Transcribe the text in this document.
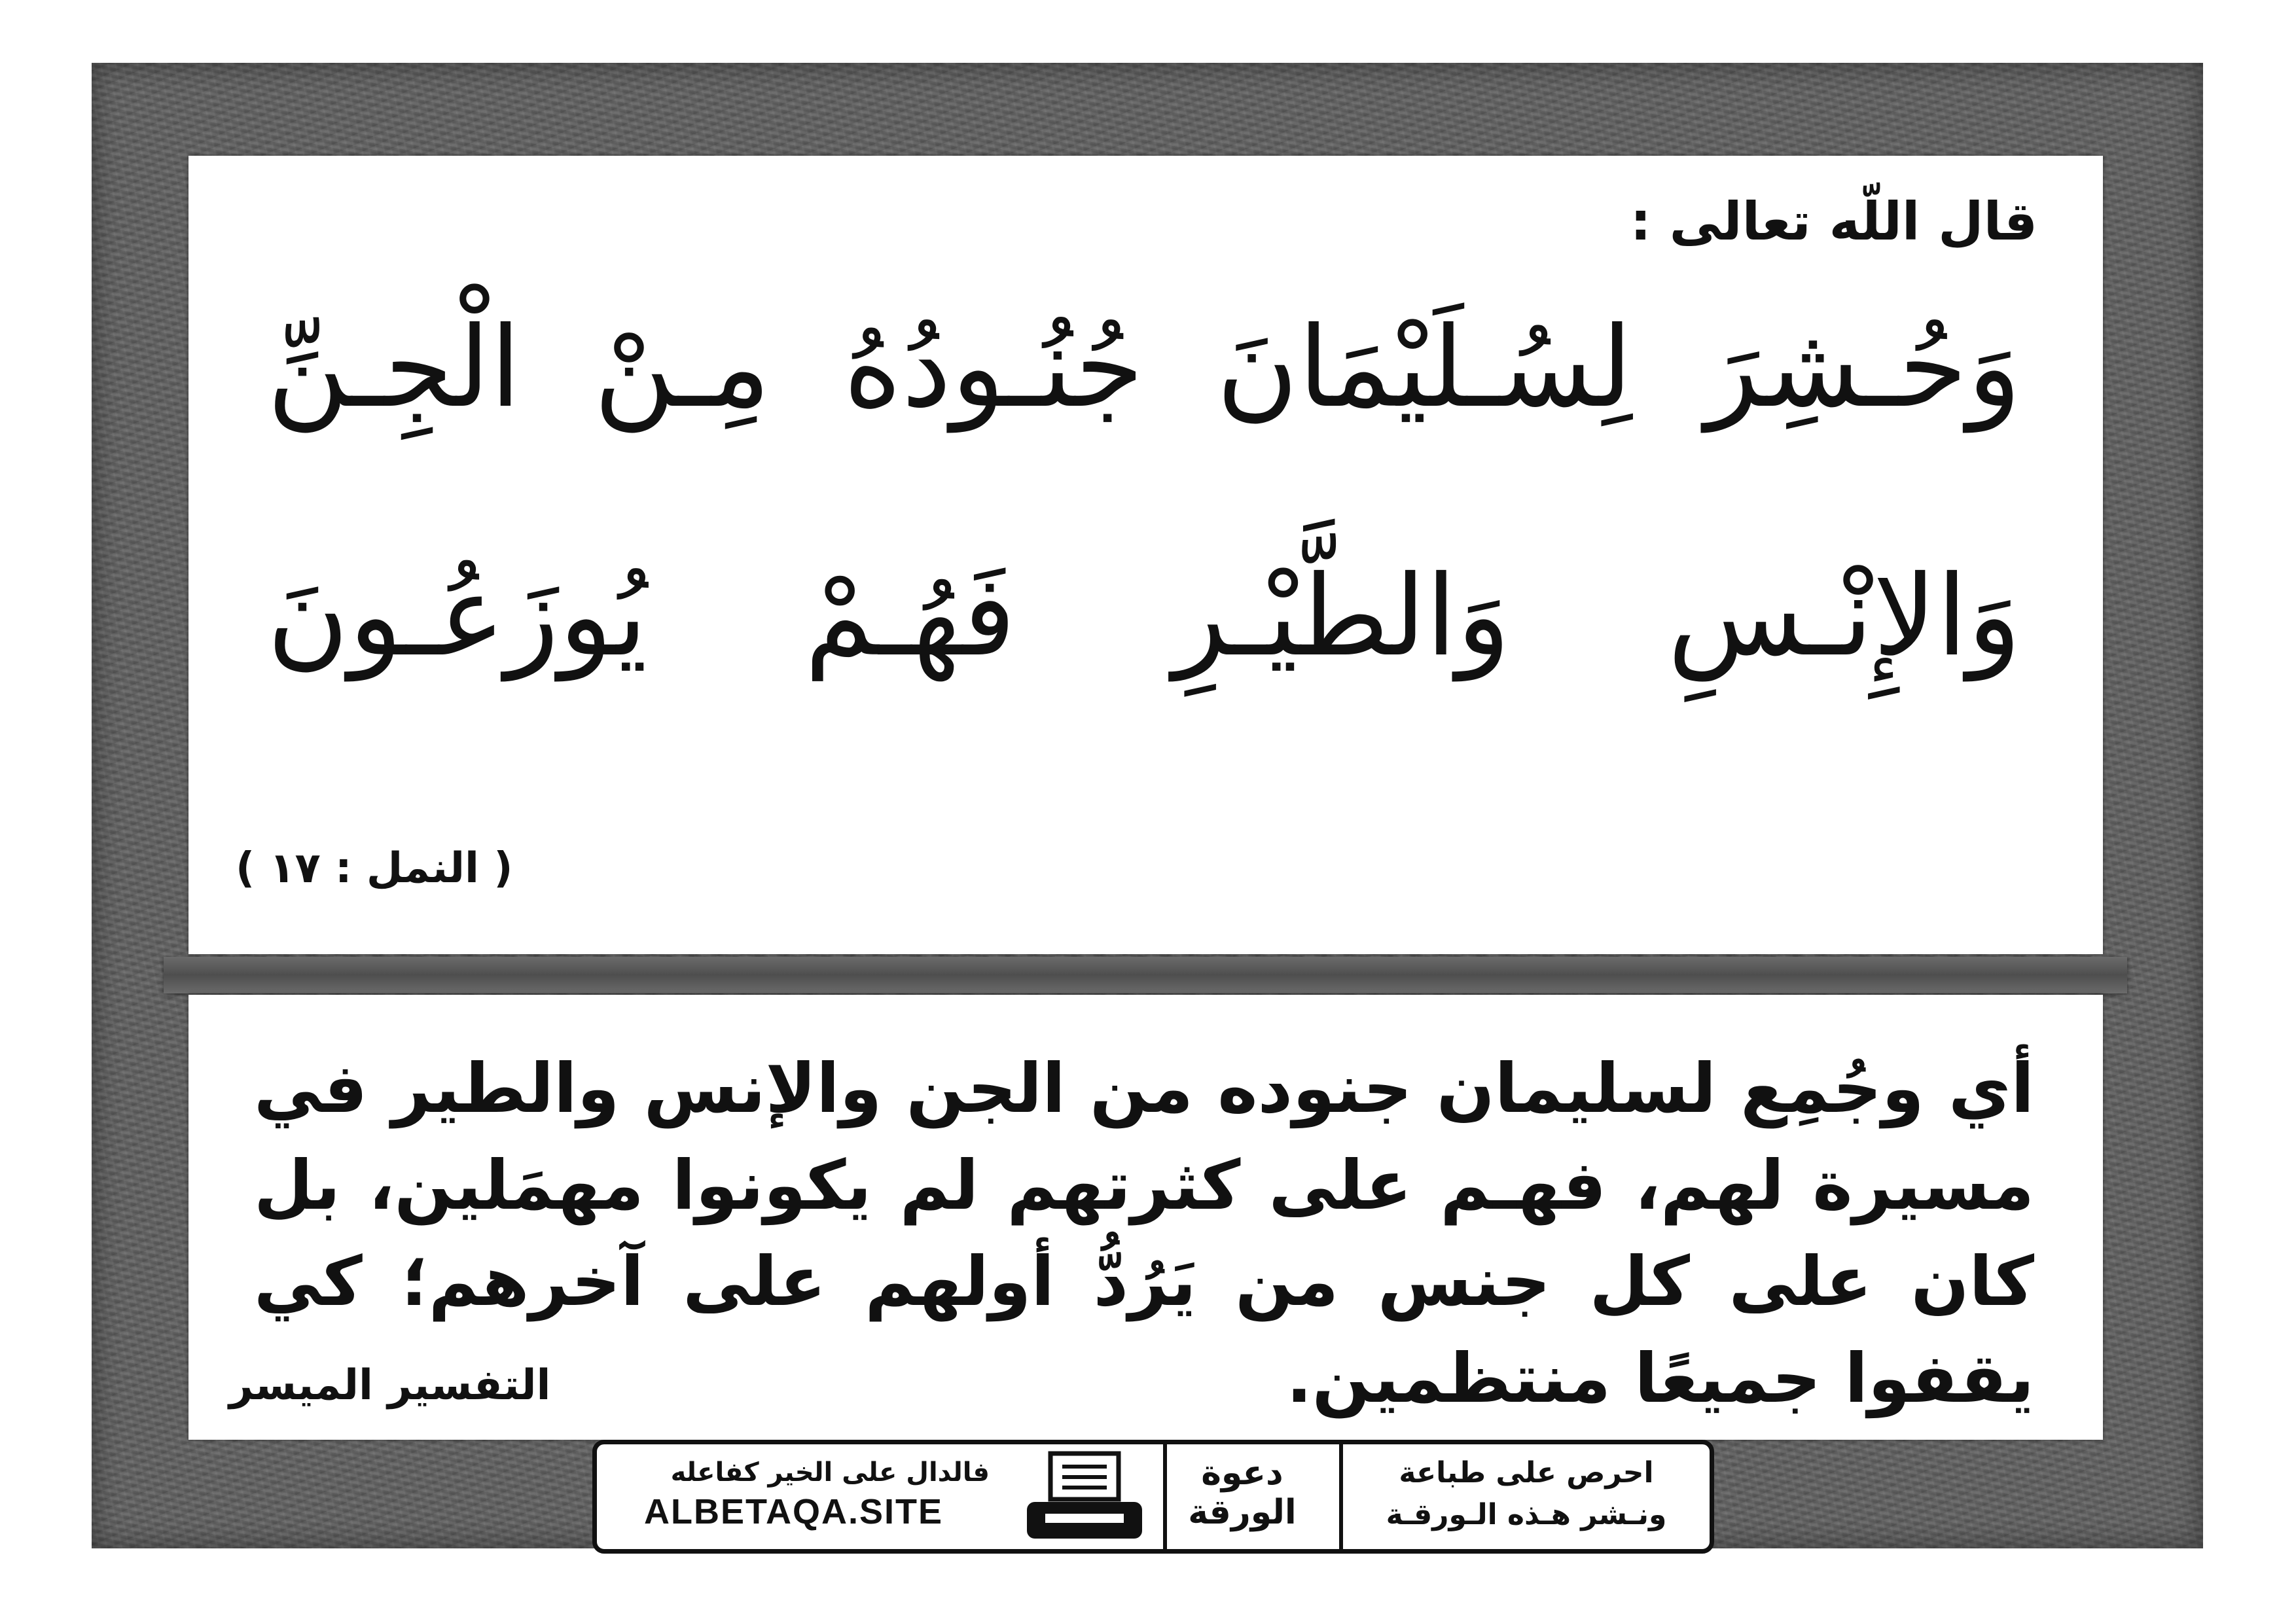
قال اللّه تعالى :
وَحُـشِرَ لِسُـلَيْمَانَ جُنُـودُهُ مِـنْ الْجِـنِّ
وَالإِنْـسِ وَالطَّيْـرِ فَهُـمْ يُوزَعُـونَ
( النمل : ١٧ )
أي وجُمِع لسليمان جنوده من الجن والإنس والطير في مسيرة لهم، فهـم على كثرتهم لم يكونوا مهمَلين، بل كان على كل جنس من يَرُدُّ أولهم على آخرهم؛ كي يقفوا جميعًا منتظمين.
التفسير الميسر
فالدال على الخير كفاعله
ALBETAQA.SITE
دعوة الورقة
احرص على طباعة
ونـشر هـذه الـورقـة
